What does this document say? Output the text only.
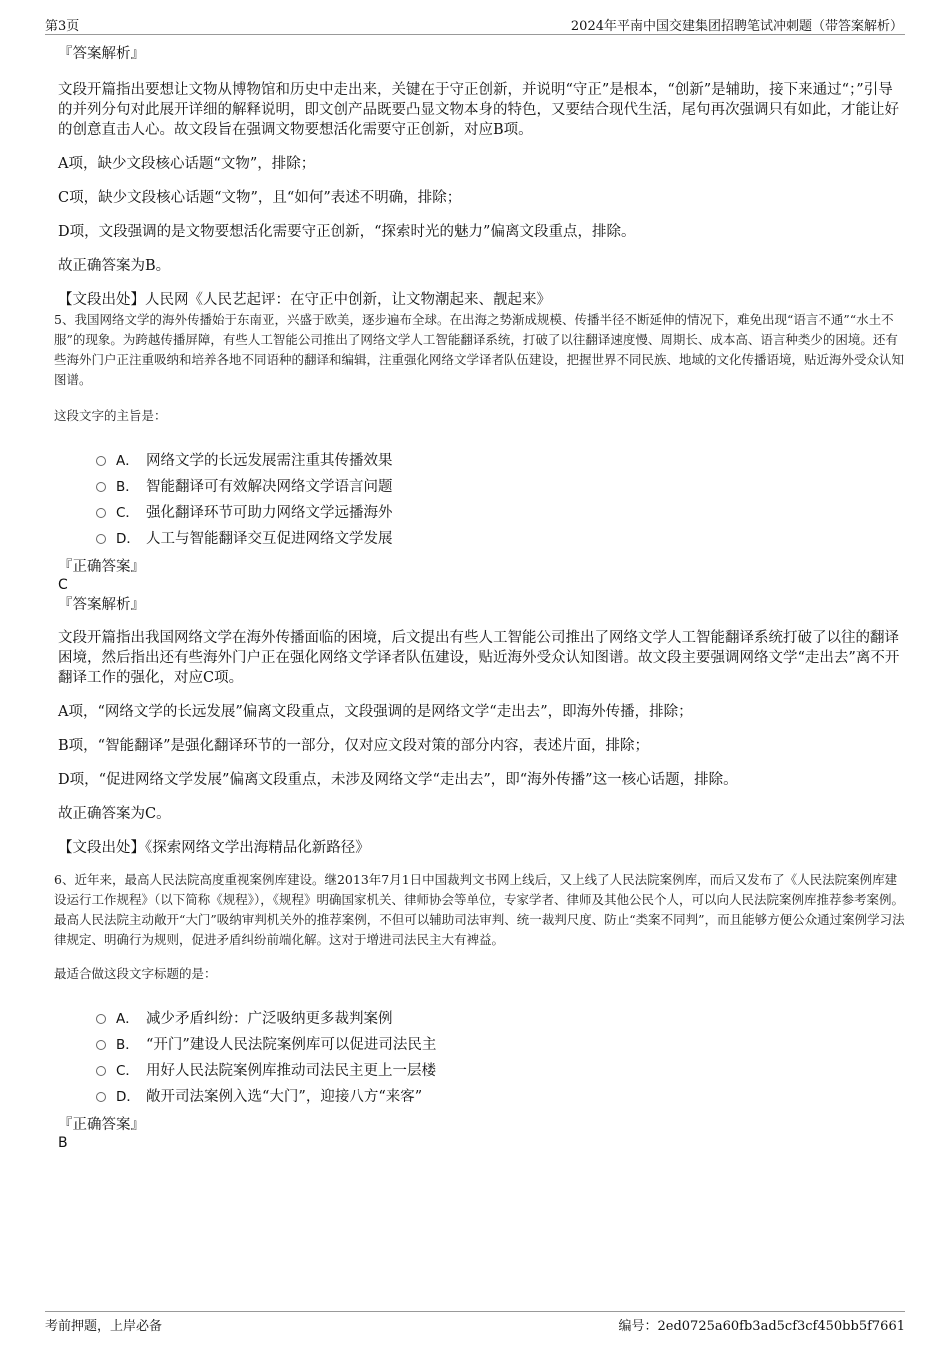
第3页	2024年平南中国交建集团招聘笔试冲刺题（带答案解析）

『答案解析』

文段开篇指出要想让文物从博物馆和历史中走出来，关键在于守正创新，并说明“守正”是根本，“创新”是辅助，接下来通过“；”引导的并列分句对此展开详细的解释说明，即文创产品既要凸显文物本身的特色，又要结合现代生活，尾句再次强调只有如此，才能让好的创意直击人心。故文段旨在强调文物要想活化需要守正创新，对应B项。

A项，缺少文段核心话题“文物”，排除；

C项，缺少文段核心话题“文物”，且“如何”表述不明确，排除；

D项，文段强调的是文物要想活化需要守正创新，“探索时光的魅力”偏离文段重点，排除。

故正确答案为B。

【文段出处】人民网《人民艺起评：在守正中创新，让文物潮起来、靓起来》

5、我国网络文学的海外传播始于东南亚，兴盛于欧美，逐步遍布全球。在出海之势渐成规模、传播半径不断延伸的情况下，难免出现“语言不通”“水土不服”的现象。为跨越传播屏障，有些人工智能公司推出了网络文学人工智能翻译系统，打破了以往翻译速度慢、周期长、成本高、语言种类少的困境。还有些海外门户正注重吸纳和培养各地不同语种的翻译和编辑，注重强化网络文学译者队伍建设，把握世界不同民族、地域的文化传播语境，贴近海外受众认知图谱。

这段文字的主旨是：

A． 网络文学的长远发展需注重其传播效果
B． 智能翻译可有效解决网络文学语言问题
C． 强化翻译环节可助力网络文学远播海外
D． 人工与智能翻译交互促进网络文学发展

『正确答案』

C

『答案解析』

文段开篇指出我国网络文学在海外传播面临的困境，后文提出有些人工智能公司推出了网络文学人工智能翻译系统打破了以往的翻译困境，然后指出还有些海外门户正在强化网络文学译者队伍建设，贴近海外受众认知图谱。故文段主要强调网络文学“走出去”离不开翻译工作的强化，对应C项。

A项，“网络文学的长远发展”偏离文段重点，文段强调的是网络文学“走出去”，即海外传播，排除；

B项，“智能翻译”是强化翻译环节的一部分，仅对应文段对策的部分内容，表述片面，排除；

D项，“促进网络文学发展”偏离文段重点，未涉及网络文学“走出去”，即“海外传播”这一核心话题，排除。

故正确答案为C。

【文段出处】《探索网络文学出海精品化新路径》

6、近年来，最高人民法院高度重视案例库建设。继2013年7月1日中国裁判文书网上线后，又上线了人民法院案例库，而后又发布了《人民法院案例库建设运行工作规程》（以下简称《规程》），《规程》明确国家机关、律师协会等单位，专家学者、律师及其他公民个人，可以向人民法院案例库推荐参考案例。最高人民法院主动敞开“大门”吸纳审判机关外的推荐案例，不但可以辅助司法审判、统一裁判尺度、防止“类案不同判”，而且能够方便公众通过案例学习法律规定、明确行为规则，促进矛盾纠纷前端化解。这对于增进司法民主大有裨益。

最适合做这段文字标题的是：

A． 减少矛盾纠纷：广泛吸纳更多裁判案例
B． “开门”建设人民法院案例库可以促进司法民主
C． 用好人民法院案例库推动司法民主更上一层楼
D． 敞开司法案例入选“大门”，迎接八方“来客”

『正确答案』

B

考前押题，上岸必备	编号：2ed0725a60fb3ad5cf3cf450bb5f7661
